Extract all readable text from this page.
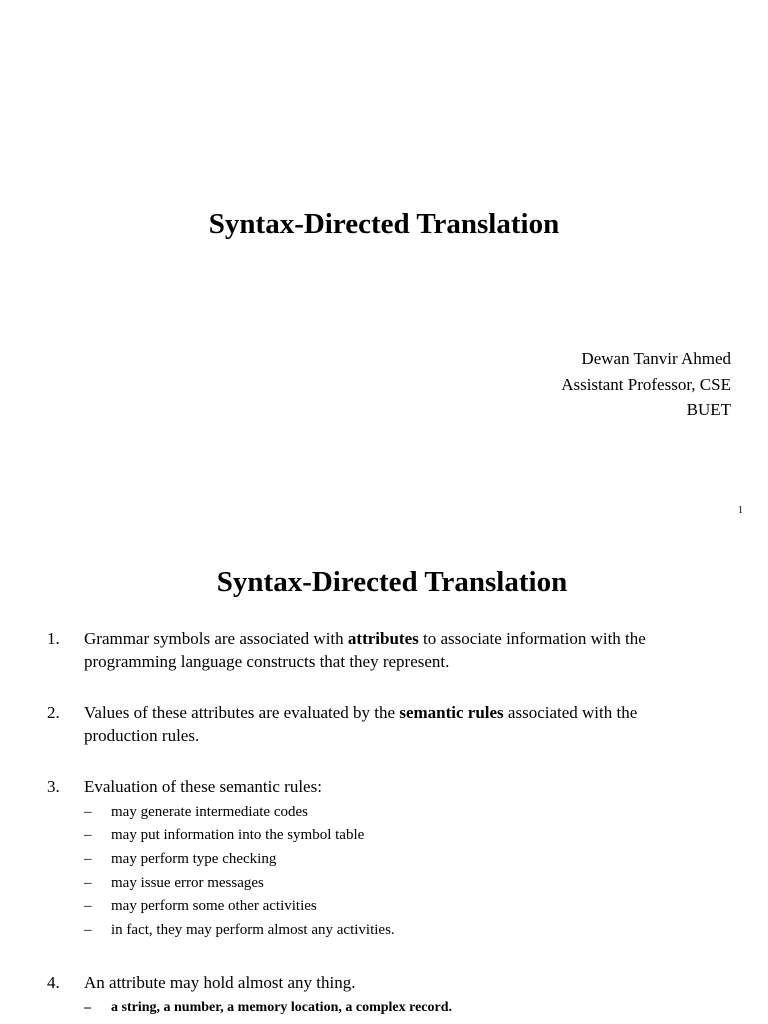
Syntax-Directed Translation
Dewan Tanvir Ahmed
Assistant Professor, CSE
BUET
1
Syntax-Directed Translation
1. Grammar symbols are associated with attributes to associate information with the
programming language constructs that they represent.
2. Values of these attributes are evaluated by the semantic rules associated with the
production rules.
3. Evaluation of these semantic rules:
– may generate intermediate codes
– may put information into the symbol table
– may perform type checking
– may issue error messages
– may perform some other activities
– in fact, they may perform almost any activities.
4. An attribute may hold almost any thing.
– a string, a number, a memory location, a complex record.
